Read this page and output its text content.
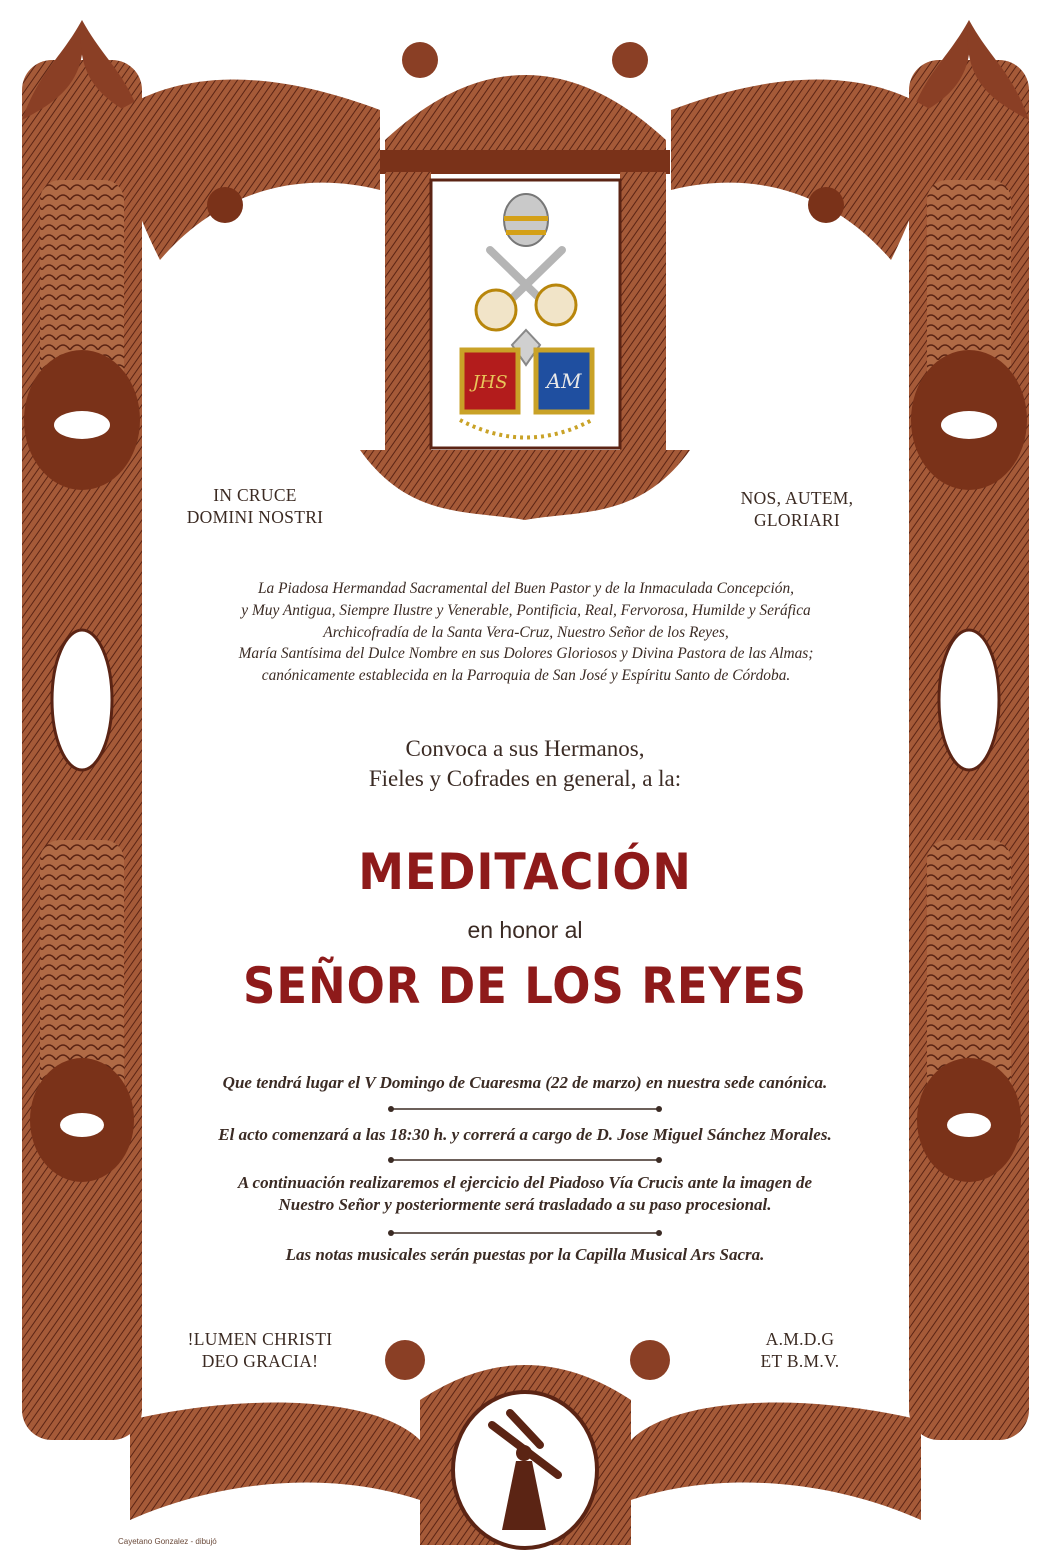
JHS AM
IN CRUCE
DOMINI NOSTRI
NOS, AUTEM,
GLORIARI
!LUMEN CHRISTI
DEO GRACIA!
A.M.D.G
ET B.M.V.
La Piadosa Hermandad Sacramental del Buen Pastor y de la Inmaculada Concepción,
y Muy Antigua, Siempre Ilustre y Venerable, Pontificia, Real, Fervorosa, Humilde y Seráfica
Archicofradía de la Santa Vera-Cruz, Nuestro Señor de los Reyes,
María Santísima del Dulce Nombre en sus Dolores Gloriosos y Divina Pastora de las Almas;
canónicamente establecida en la Parroquia de San José y Espíritu Santo de Córdoba.
Convoca a sus Hermanos,
Fieles y Cofrades en general, a la:
MEDITACIÓN
en honor al
SEÑOR DE LOS REYES
Que tendrá lugar el V Domingo de Cuaresma (22 de marzo) en nuestra sede canónica.
El acto comenzará a las 18:30 h. y correrá a cargo de D. Jose Miguel Sánchez Morales.
A continuación realizaremos el ejercicio del Piadoso Vía Crucis ante la imagen de
Nuestro Señor y posteriormente será trasladado a su paso procesional.
Las notas musicales serán puestas por la Capilla Musical Ars Sacra.
Cayetano Gonzalez - dibujó
